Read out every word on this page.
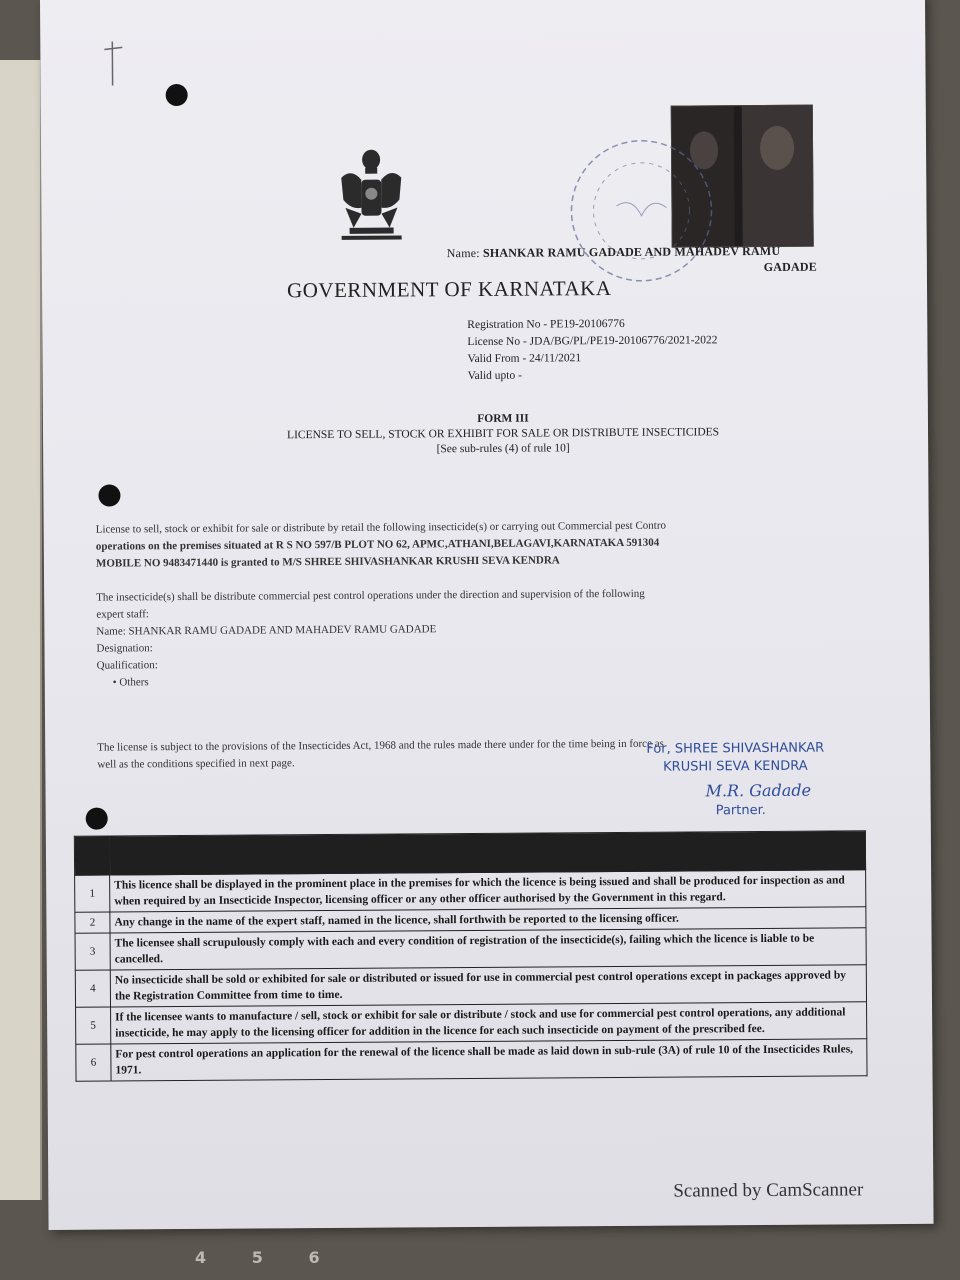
Name: SHANKAR RAMU GADADE AND MAHADEV RAMU
GADADE
GOVERNMENT OF KARNATAKA
Registration No - PE19-20106776
License No - JDA/BG/PL/PE19-20106776/2021-2022
Valid From - 24/11/2021
Valid upto -
FORM III
LICENSE TO SELL, STOCK OR EXHIBIT FOR SALE OR DISTRIBUTE INSECTICIDES
[See sub-rules (4) of rule 10]
License to sell, stock or exhibit for sale or distribute by retail the following insecticide(s) or carrying out Commercial pest Contro
operations on the premises situated at R S NO 597/B PLOT NO 62, APMC,ATHANI,BELAGAVI,KARNATAKA 591304
MOBILE NO 9483471440 is granted to M/S SHREE SHIVASHANKAR KRUSHI SEVA KENDRA
The insecticide(s) shall be distribute commercial pest control operations under the direction and supervision of the following
expert staff:
Name: SHANKAR RAMU GADADE AND MAHADEV RAMU GADADE
Designation:
Qualification:
• Others
The license is subject to the provisions of the Insecticides Act, 1968 and the rules made there under for the time being in force as
well as the conditions specified in next page.
For, SHREE SHIVASHANKAR
KRUSHI SEVA KENDRA
M.R. Gadade
Partner.

1	This licence shall be displayed in the prominent place in the premises for which the licence is being issued and shall be produced for inspection as and when required by an Insecticide Inspector, licensing officer or any other officer authorised by the Government in this regard.
2	Any change in the name of the expert staff, named in the licence, shall forthwith be reported to the licensing officer.
3	The licensee shall scrupulously comply with each and every condition of registration of the insecticide(s), failing which the licence is liable to be cancelled.
4	No insecticide shall be sold or exhibited for sale or distributed or issued for use in commercial pest control operations except in packages approved by the Registration Committee from time to time.
5	If the licensee wants to manufacture / sell, stock or exhibit for sale or distribute / stock and use for commercial pest control operations, any additional insecticide, he may apply to the licensing officer for addition in the licence for each such insecticide on payment of the prescribed fee.
6	For pest control operations an application for the renewal of the licence shall be made as laid down in sub-rule (3A) of rule 10 of the Insecticides Rules, 1971.
Scanned by CamScanner
4	5	6
